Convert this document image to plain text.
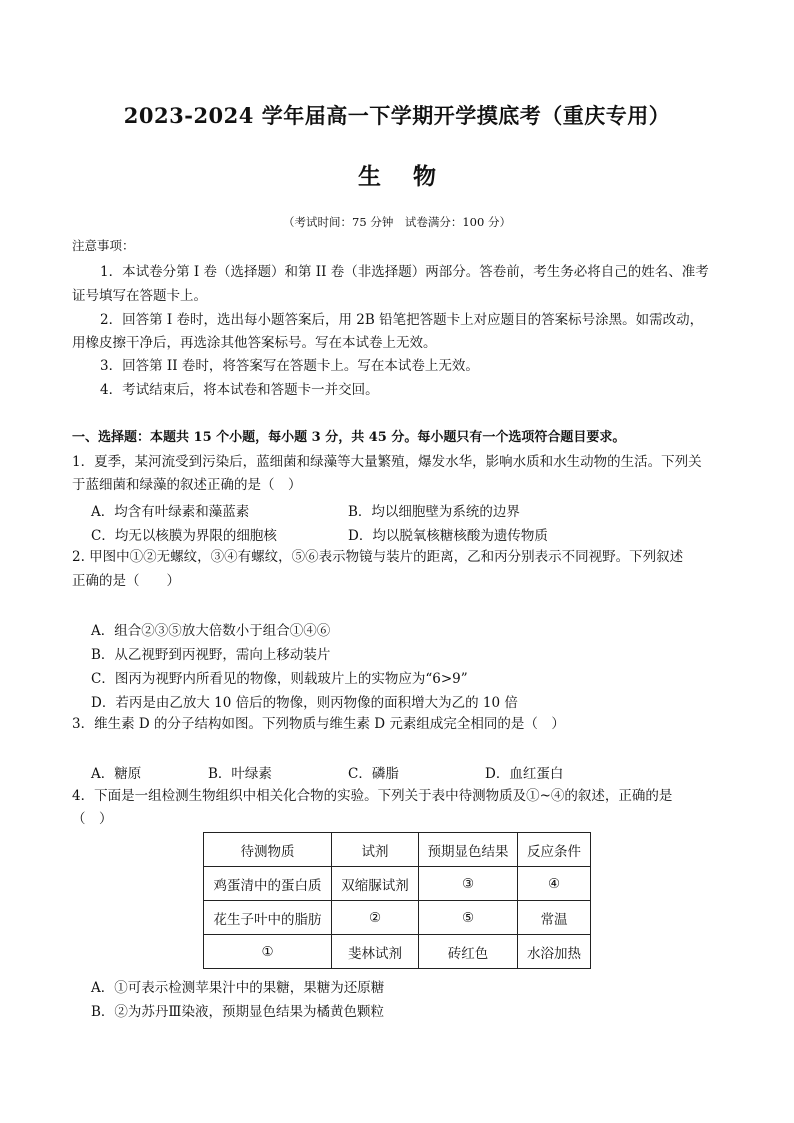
2023-2024 学年届高一下学期开学摸底考（重庆专用）
生 物
（考试时间：75 分钟　试卷满分：100 分）
注意事项：
1．本试卷分第 I 卷（选择题）和第 II 卷（非选择题）两部分。答卷前，考生务必将自己的姓名、准考
证号填写在答题卡上。
2．回答第 I 卷时，选出每小题答案后，用 2B 铅笔把答题卡上对应题目的答案标号涂黑。如需改动，
用橡皮擦干净后，再选涂其他答案标号。写在本试卷上无效。
3．回答第 II 卷时，将答案写在答题卡上。写在本试卷上无效。
4．考试结束后，将本试卷和答题卡一并交回。
一、选择题：本题共 15 个小题，每小题 3 分，共 45 分。每小题只有一个选项符合题目要求。
1．夏季，某河流受到污染后，蓝细菌和绿藻等大量繁殖，爆发水华，影响水质和水生动物的生活。下列关
于蓝细菌和绿藻的叙述正确的是（　）
A．均含有叶绿素和藻蓝素	B．均以细胞壁为系统的边界
C．均无以核膜为界限的细胞核	D．均以脱氧核糖核酸为遗传物质
2. 甲图中①②无螺纹，③④有螺纹，⑤⑥表示物镜与装片的距离，乙和丙分别表示不同视野。下列叙述
正确的是（　　）
A．组合②③⑤放大倍数小于组合①④⑥
B．从乙视野到丙视野，需向上移动装片
C．图丙为视野内所看见的物像，则载玻片上的实物应为“6>9”
D．若丙是由乙放大 10 倍后的物像，则丙物像的面积增大为乙的 10 倍
3．维生素 D 的分子结构如图。下列物质与维生素 D 元素组成完全相同的是（　）
A．糖原	B．叶绿素	C．磷脂	D．血红蛋白
4．下面是一组检测生物组织中相关化合物的实验。下列关于表中待测物质及①~④的叙述，正确的是
（　）
待测物质	试剂	预期显色结果	反应条件
鸡蛋清中的蛋白质	双缩脲试剂	③	④
花生子叶中的脂肪	②	⑤	常温
①	斐林试剂	砖红色	水浴加热
A．①可表示检测苹果汁中的果糖，果糖为还原糖
B．②为苏丹Ⅲ染液，预期显色结果为橘黄色颗粒
